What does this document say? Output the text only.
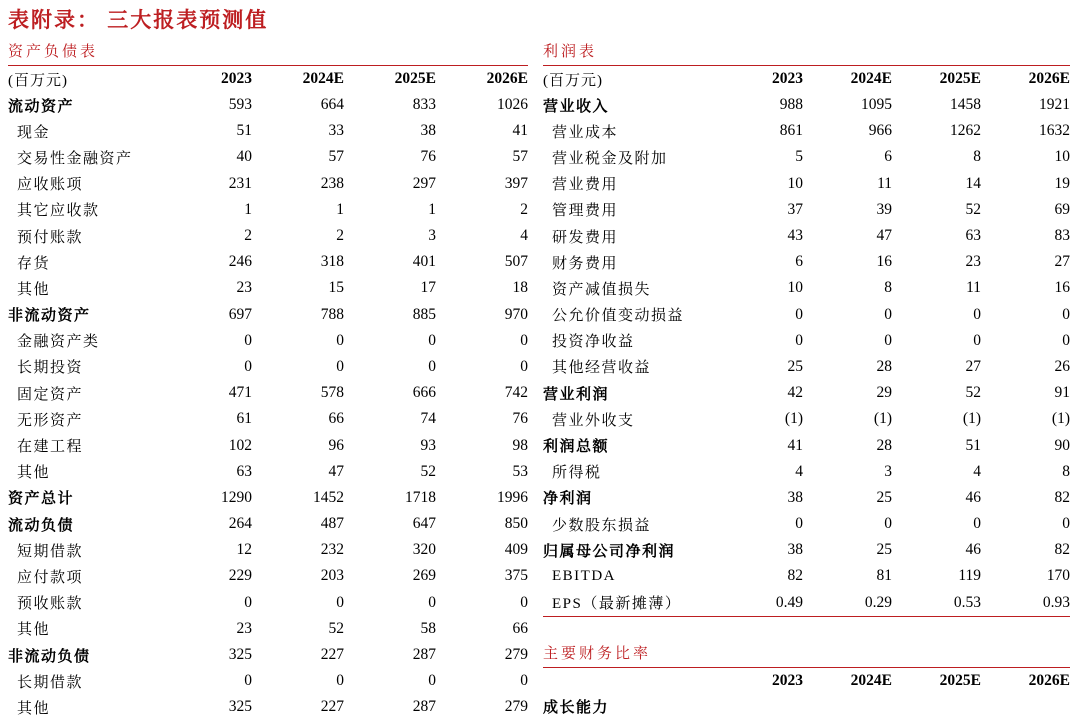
表附录： 三大报表预测值
资产负债表
(百万元)	2023	2024E	2025E	2026E
流动资产	593	664	833	1026
现金	51	33	38	41
交易性金融资产	40	57	76	57
应收账项	231	238	297	397
其它应收款	1	1	1	2
预付账款	2	2	3	4
存货	246	318	401	507
其他	23	15	17	18
非流动资产	697	788	885	970
金融资产类	0	0	0	0
长期投资	0	0	0	0
固定资产	471	578	666	742
无形资产	61	66	74	76
在建工程	102	96	93	98
其他	63	47	52	53
资产总计	1290	1452	1718	1996
流动负债	264	487	647	850
短期借款	12	232	320	409
应付款项	229	203	269	375
预收账款	0	0	0	0
其他	23	52	58	66
非流动负债	325	227	287	279
长期借款	0	0	0	0
其他	325	227	287	279
利润表
(百万元)	2023	2024E	2025E	2026E
营业收入	988	1095	1458	1921
营业成本	861	966	1262	1632
营业税金及附加	5	6	8	10
营业费用	10	11	14	19
管理费用	37	39	52	69
研发费用	43	47	63	83
财务费用	6	16	23	27
资产减值损失	10	8	11	16
公允价值变动损益	0	0	0	0
投资净收益	0	0	0	0
其他经营收益	25	28	27	26
营业利润	42	29	52	91
营业外收支	(1)	(1)	(1)	(1)
利润总额	41	28	51	90
所得税	4	3	4	8
净利润	38	25	46	82
少数股东损益	0	0	0	0
归属母公司净利润	38	25	46	82
EBITDA	82	81	119	170
EPS（最新摊薄）	0.49	0.29	0.53	0.93
主要财务比率
2023	2024E	2025E	2026E
成长能力
